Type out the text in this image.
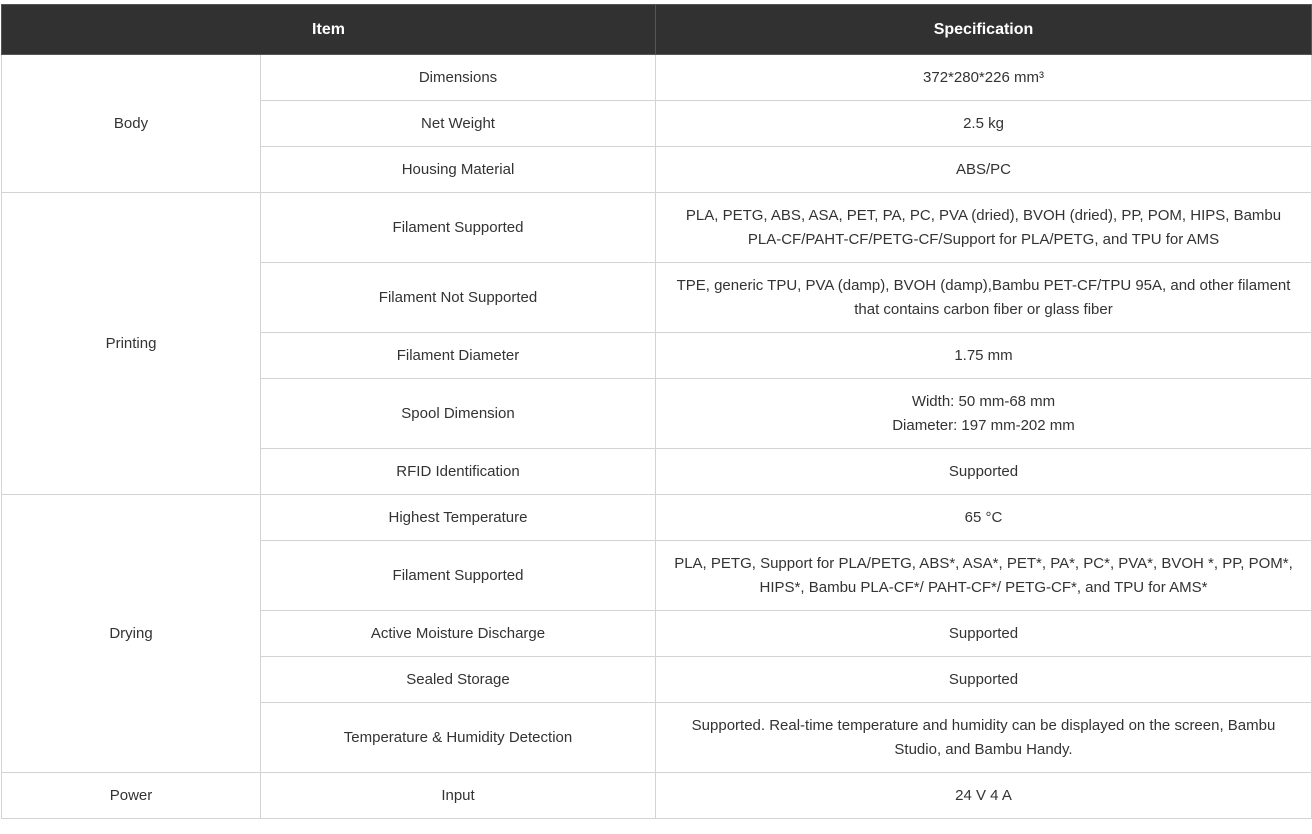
Item		Specification
Body	Dimensions	372*280*226 mm³
	Net Weight	2.5 kg
	Housing Material	ABS/PC
Printing	Filament Supported	PLA, PETG, ABS, ASA, PET, PA, PC, PVA (dried), BVOH (dried), PP, POM, HIPS, Bambu PLA-CF/PAHT-CF/PETG-CF/Support for PLA/PETG, and TPU for AMS
	Filament Not Supported	TPE, generic TPU, PVA (damp), BVOH (damp),Bambu PET-CF/TPU 95A, and other filament that contains carbon fiber or glass fiber
	Filament Diameter	1.75 mm
	Spool Dimension	Width: 50 mm-68 mm
Diameter: 197 mm-202 mm
	RFID Identification	Supported
Drying	Highest Temperature	65 °C
	Filament Supported	PLA, PETG, Support for PLA/PETG, ABS*, ASA*, PET*, PA*, PC*, PVA*, BVOH *, PP, POM*, HIPS*, Bambu PLA-CF*/ PAHT-CF*/ PETG-CF*, and TPU for AMS*
	Active Moisture Discharge	Supported
	Sealed Storage	Supported
	Temperature & Humidity Detection	Supported. Real-time temperature and humidity can be displayed on the screen, Bambu Studio, and Bambu Handy.
Power	Input	24 V 4 A
